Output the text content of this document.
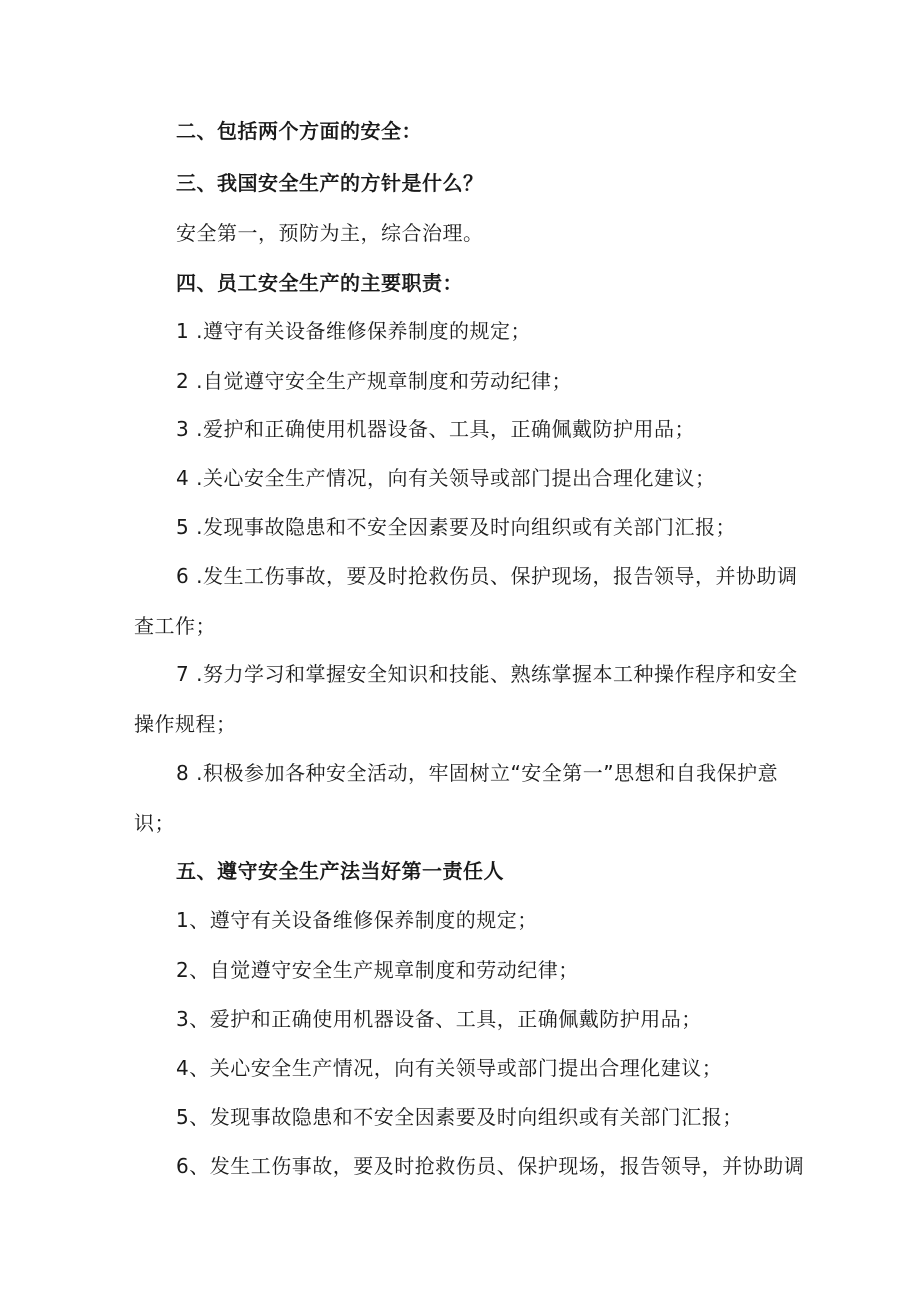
二、包括两个方面的安全：
三、我国安全生产的方针是什么？
安全第一，预防为主，综合治理。
四、员工安全生产的主要职责：
1 .遵守有关设备维修保养制度的规定；
2 .自觉遵守安全生产规章制度和劳动纪律；
3 .爱护和正确使用机器设备、工具，正确佩戴防护用品；
4 .关心安全生产情况，向有关领导或部门提出合理化建议；
5 .发现事故隐患和不安全因素要及时向组织或有关部门汇报；
6 .发生工伤事故，要及时抢救伤员、保护现场，报告领导，并协助调
查工作；
7 .努力学习和掌握安全知识和技能、熟练掌握本工种操作程序和安全
操作规程；
8 .积极参加各种安全活动，牢固树立“安全第一”思想和自我保护意
识；
五、遵守安全生产法当好第一责任人
1、遵守有关设备维修保养制度的规定；
2、自觉遵守安全生产规章制度和劳动纪律；
3、爱护和正确使用机器设备、工具，正确佩戴防护用品；
4、关心安全生产情况，向有关领导或部门提出合理化建议；
5、发现事故隐患和不安全因素要及时向组织或有关部门汇报；
6、发生工伤事故，要及时抢救伤员、保护现场，报告领导，并协助调
